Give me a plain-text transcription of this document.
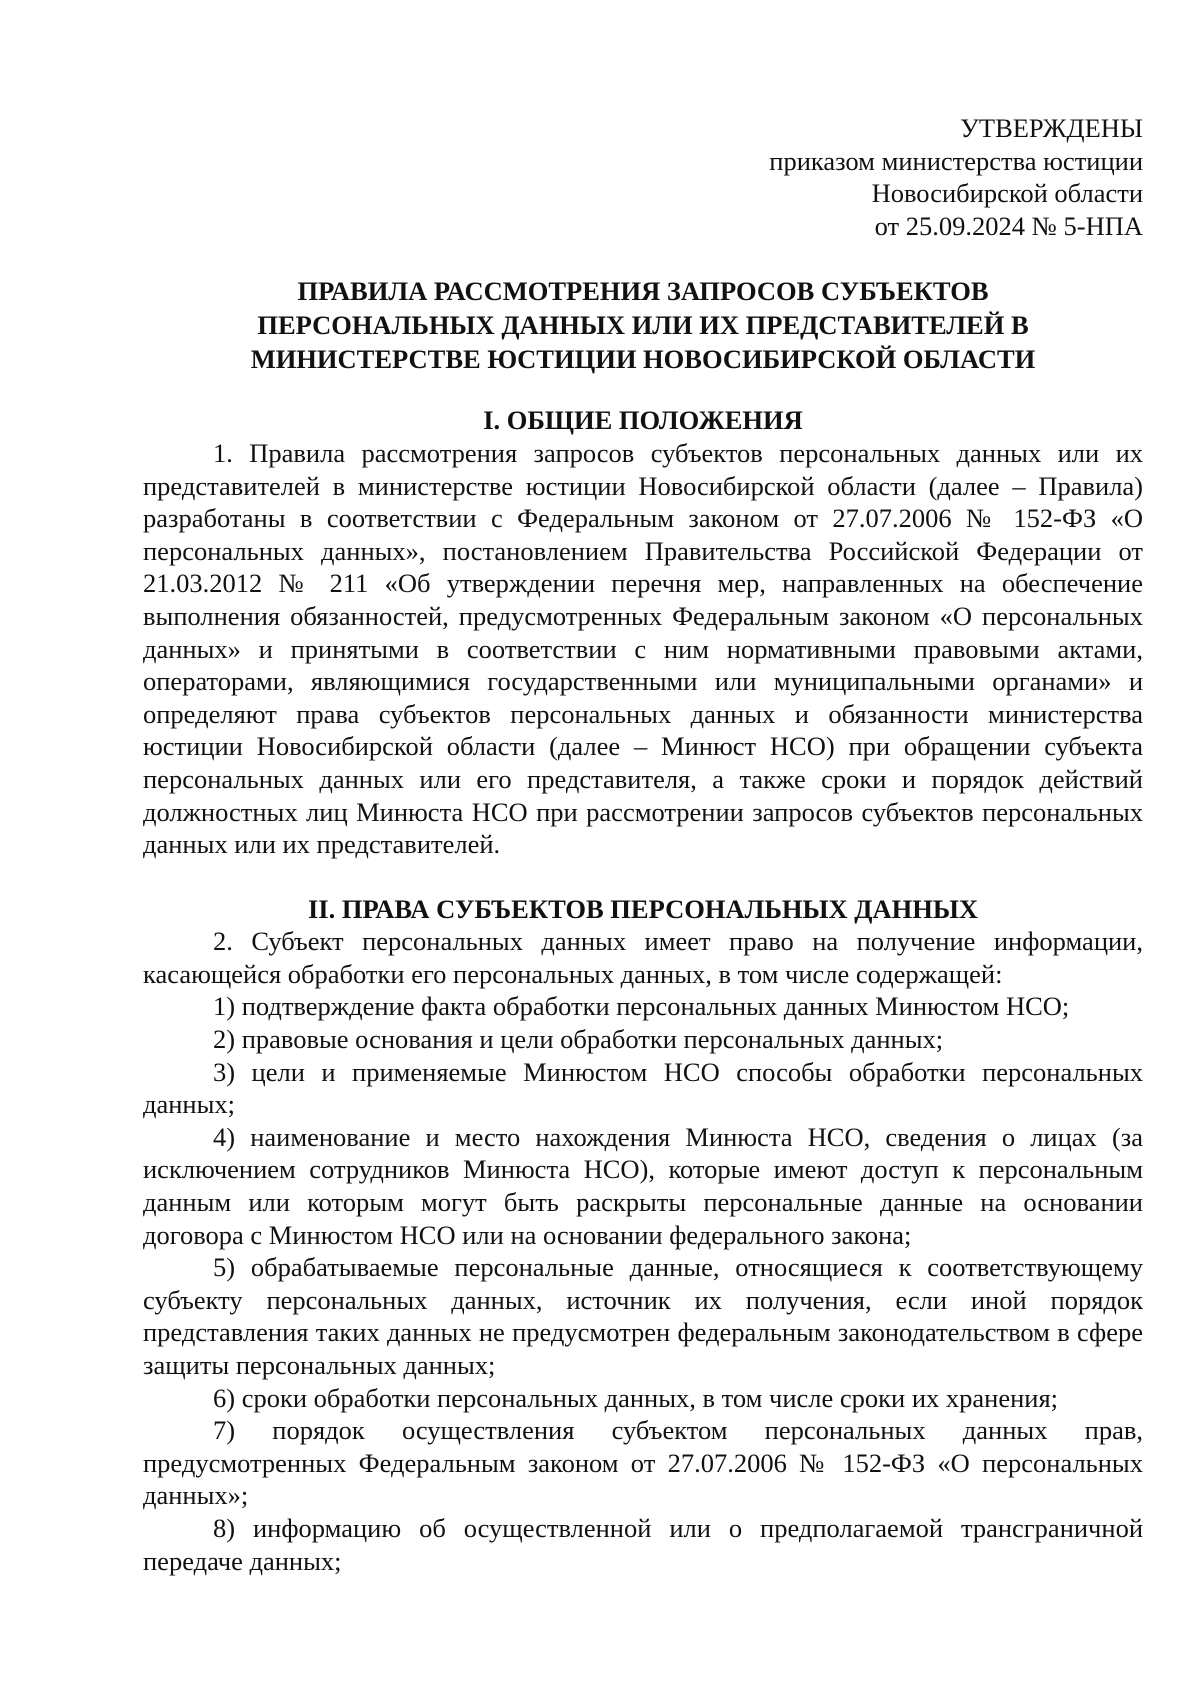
УТВЕРЖДЕНЫ
приказом министерства юстиции
Новосибирской области
от 25.09.2024 № 5-НПА
ПРАВИЛА РАССМОТРЕНИЯ ЗАПРОСОВ СУБЪЕКТОВ
ПЕРСОНАЛЬНЫХ ДАННЫХ ИЛИ ИХ ПРЕДСТАВИТЕЛЕЙ В
МИНИСТЕРСТВЕ ЮСТИЦИИ НОВОСИБИРСКОЙ ОБЛАСТИ
I. ОБЩИЕ ПОЛОЖЕНИЯ

1. Правила рассмотрения запросов субъектов персональных данных или их представителей в министерстве юстиции Новосибирской области (далее – Правила) разработаны в соответствии с Федеральным законом от 27.07.2006 № 152-ФЗ «О персональных данных», постановлением Правительства Российской Федерации от 21.03.2012 № 211 «Об утверждении перечня мер, направленных на обеспечение выполнения обязанностей, предусмотренных Федеральным законом «О персональных данных» и принятыми в соответствии с ним нормативными правовыми актами, операторами, являющимися государственными или муниципальными органами» и определяют права субъектов персональных данных и обязанности министерства юстиции Новосибирской области (далее – Минюст НСО) при обращении субъекта персональных данных или его представителя, а также сроки и порядок действий должностных лиц Минюста НСО при рассмотрении запросов субъектов персональных данных или их представителей.

II. ПРАВА СУБЪЕКТОВ ПЕРСОНАЛЬНЫХ ДАННЫХ

2. Субъект персональных данных имеет право на получение информации, касающейся обработки его персональных данных, в том числе содержащей:

1) подтверждение факта обработки персональных данных Минюстом НСО;

2) правовые основания и цели обработки персональных данных;

3) цели и применяемые Минюстом НСО способы обработки персональных данных;

4) наименование и место нахождения Минюста НСО, сведения о лицах (за исключением сотрудников Минюста НСО), которые имеют доступ к персональным данным или которым могут быть раскрыты персональные данные на основании договора с Минюстом НСО или на основании федерального закона;

5) обрабатываемые персональные данные, относящиеся к соответствующему субъекту персональных данных, источник их получения, если иной порядок представления таких данных не предусмотрен федеральным законодательством в сфере защиты персональных данных;

6) сроки обработки персональных данных, в том числе сроки их хранения;

7) порядок осуществления субъектом персональных данных прав, предусмотренных Федеральным законом от 27.07.2006 № 152-ФЗ «О персональных данных»;

8) информацию об осуществленной или о предполагаемой трансграничной передаче данных;
